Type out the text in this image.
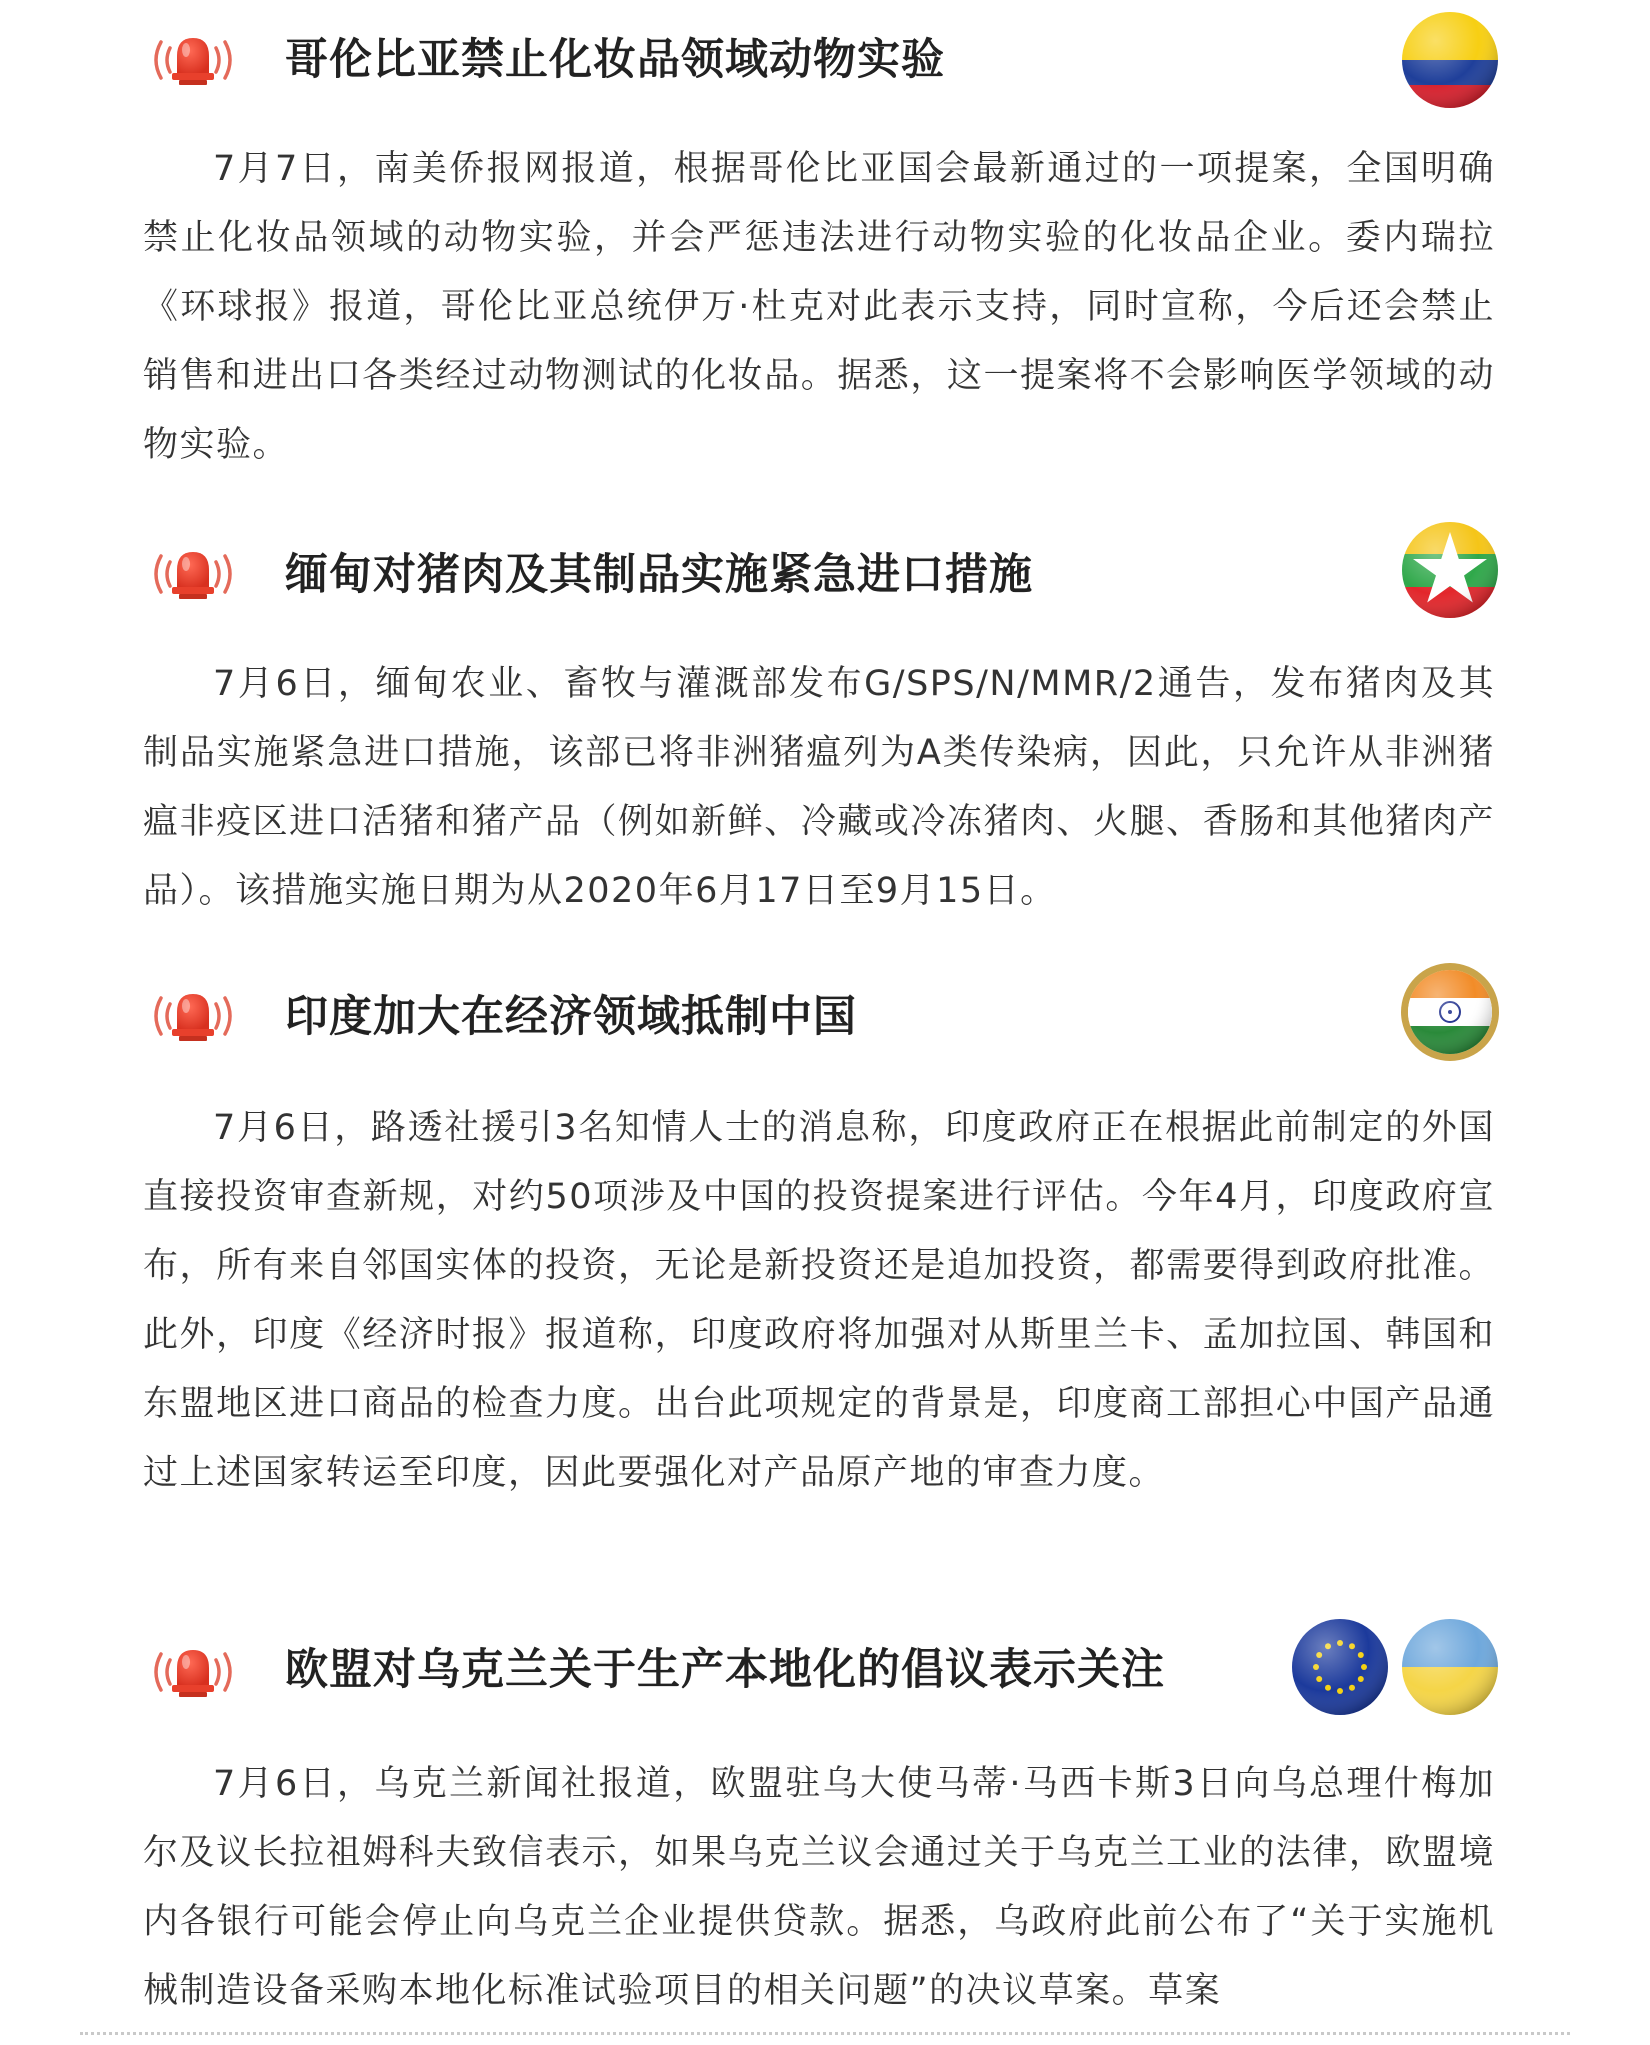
哥伦比亚禁止化妆品领域动物实验

7月7日，南美侨报网报道，根据哥伦比亚国会最新通过的一项提案，全国明确禁止化妆品领域的动物实验，并会严惩违法进行动物实验的化妆品企业。委内瑞拉《环球报》报道，哥伦比亚总统伊万·杜克对此表示支持，同时宣称，今后还会禁止销售和进出口各类经过动物测试的化妆品。据悉，这一提案将不会影响医学领域的动物实验。

缅甸对猪肉及其制品实施紧急进口措施

7月6日，缅甸农业、畜牧与灌溉部发布G/SPS/N/MMR/2通告，发布猪肉及其制品实施紧急进口措施，该部已将非洲猪瘟列为A类传染病，因此，只允许从非洲猪瘟非疫区进口活猪和猪产品（例如新鲜、冷藏或冷冻猪肉、火腿、香肠和其他猪肉产品）。该措施实施日期为从2020年6月17日至9月15日。

印度加大在经济领域抵制中国

7月6日，路透社援引3名知情人士的消息称，印度政府正在根据此前制定的外国直接投资审查新规，对约50项涉及中国的投资提案进行评估。今年4月，印度政府宣布，所有来自邻国实体的投资，无论是新投资还是追加投资，都需要得到政府批准。此外，印度《经济时报》报道称，印度政府将加强对从斯里兰卡、孟加拉国、韩国和东盟地区进口商品的检查力度。出台此项规定的背景是，印度商工部担心中国产品通过上述国家转运至印度，因此要强化对产品原产地的审查力度。

欧盟对乌克兰关于生产本地化的倡议表示关注

7月6日，乌克兰新闻社报道，欧盟驻乌大使马蒂·马西卡斯3日向乌总理什梅加尔及议长拉祖姆科夫致信表示，如果乌克兰议会通过关于乌克兰工业的法律，欧盟境内各银行可能会停止向乌克兰企业提供贷款。据悉，乌政府此前公布了“关于实施机械制造设备采购本地化标准试验项目的相关问题”的决议草案。草案
